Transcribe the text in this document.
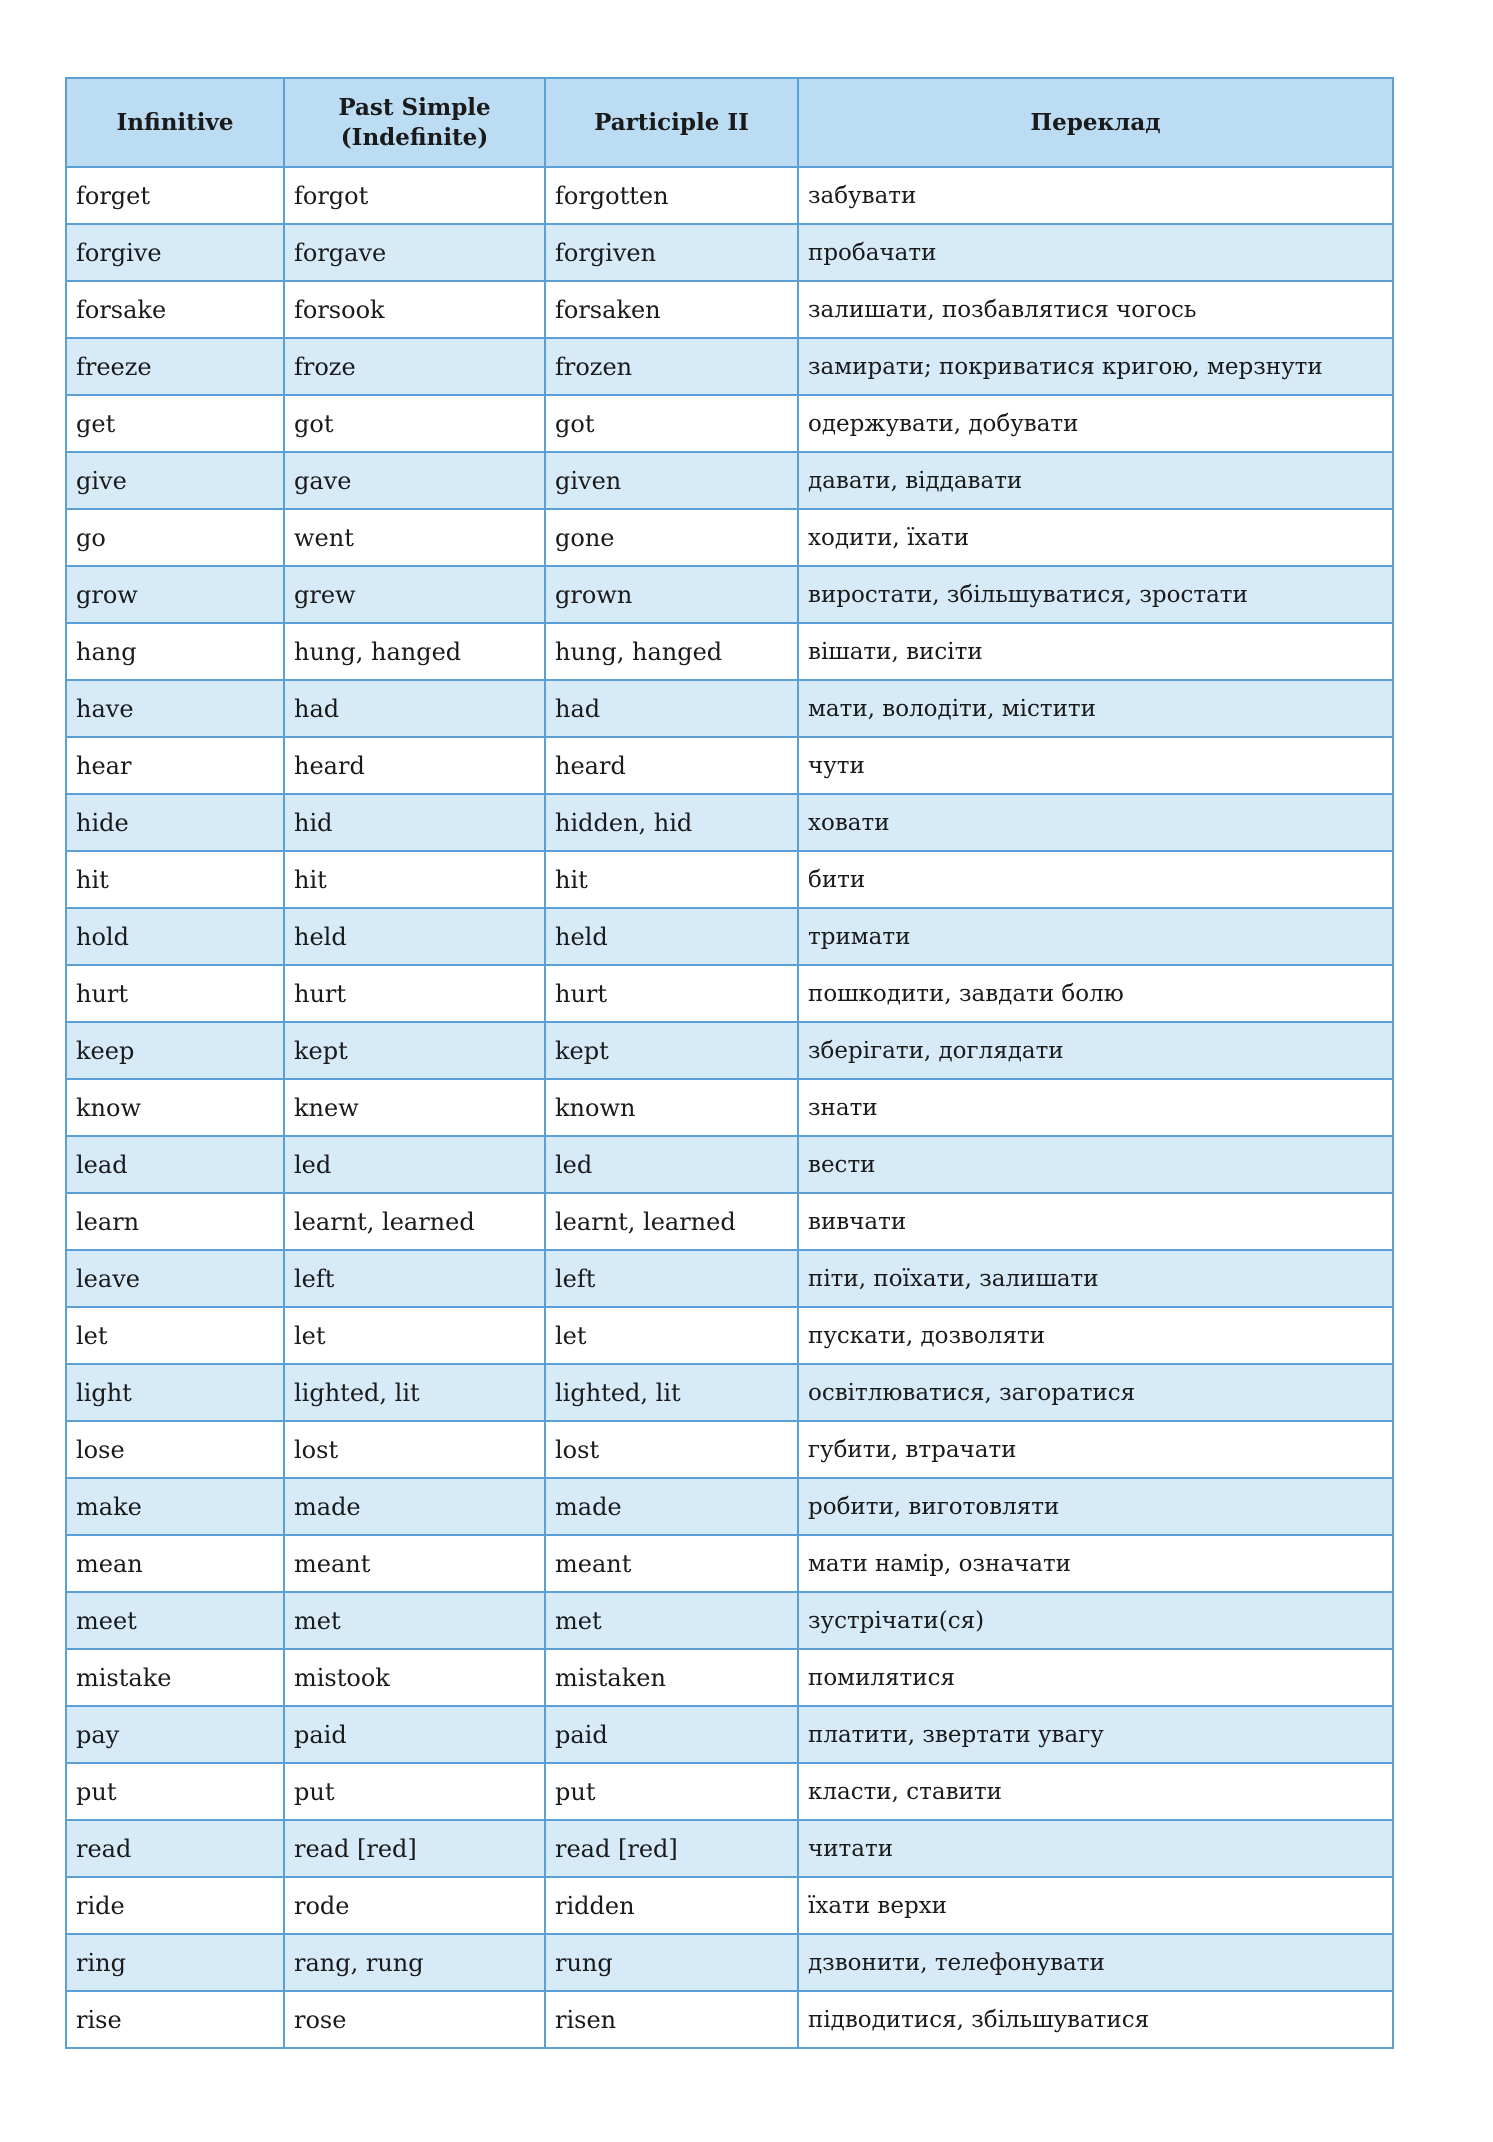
Infinitive	Past Simple (Indefinite)	Participle II	Переклад
forget	forgot	forgotten	забувати
forgive	forgave	forgiven	пробачати
forsake	forsook	forsaken	залишати, позбавлятися чогось
freeze	froze	frozen	замирати; покриватися кригою, мерзнути
get	got	got	одержувати, добувати
give	gave	given	давати, віддавати
go	went	gone	ходити, їхати
grow	grew	grown	виростати, збільшуватися, зростати
hang	hung, hanged	hung, hanged	вішати, висіти
have	had	had	мати, володіти, містити
hear	heard	heard	чути
hide	hid	hidden, hid	ховати
hit	hit	hit	бити
hold	held	held	тримати
hurt	hurt	hurt	пошкодити, завдати болю
keep	kept	kept	зберігати, доглядати
know	knew	known	знати
lead	led	led	вести
learn	learnt, learned	learnt, learned	вивчати
leave	left	left	піти, поїхати, залишати
let	let	let	пускати, дозволяти
light	lighted, lit	lighted, lit	освітлюватися, загоратися
lose	lost	lost	губити, втрачати
make	made	made	робити, виготовляти
mean	meant	meant	мати намір, означати
meet	met	met	зустрічати(ся)
mistake	mistook	mistaken	помилятися
pay	paid	paid	платити, звертати увагу
put	put	put	класти, ставити
read	read [red]	read [red]	читати
ride	rode	ridden	їхати верхи
ring	rang, rung	rung	дзвонити, телефонувати
rise	rose	risen	підводитися, збільшуватися
